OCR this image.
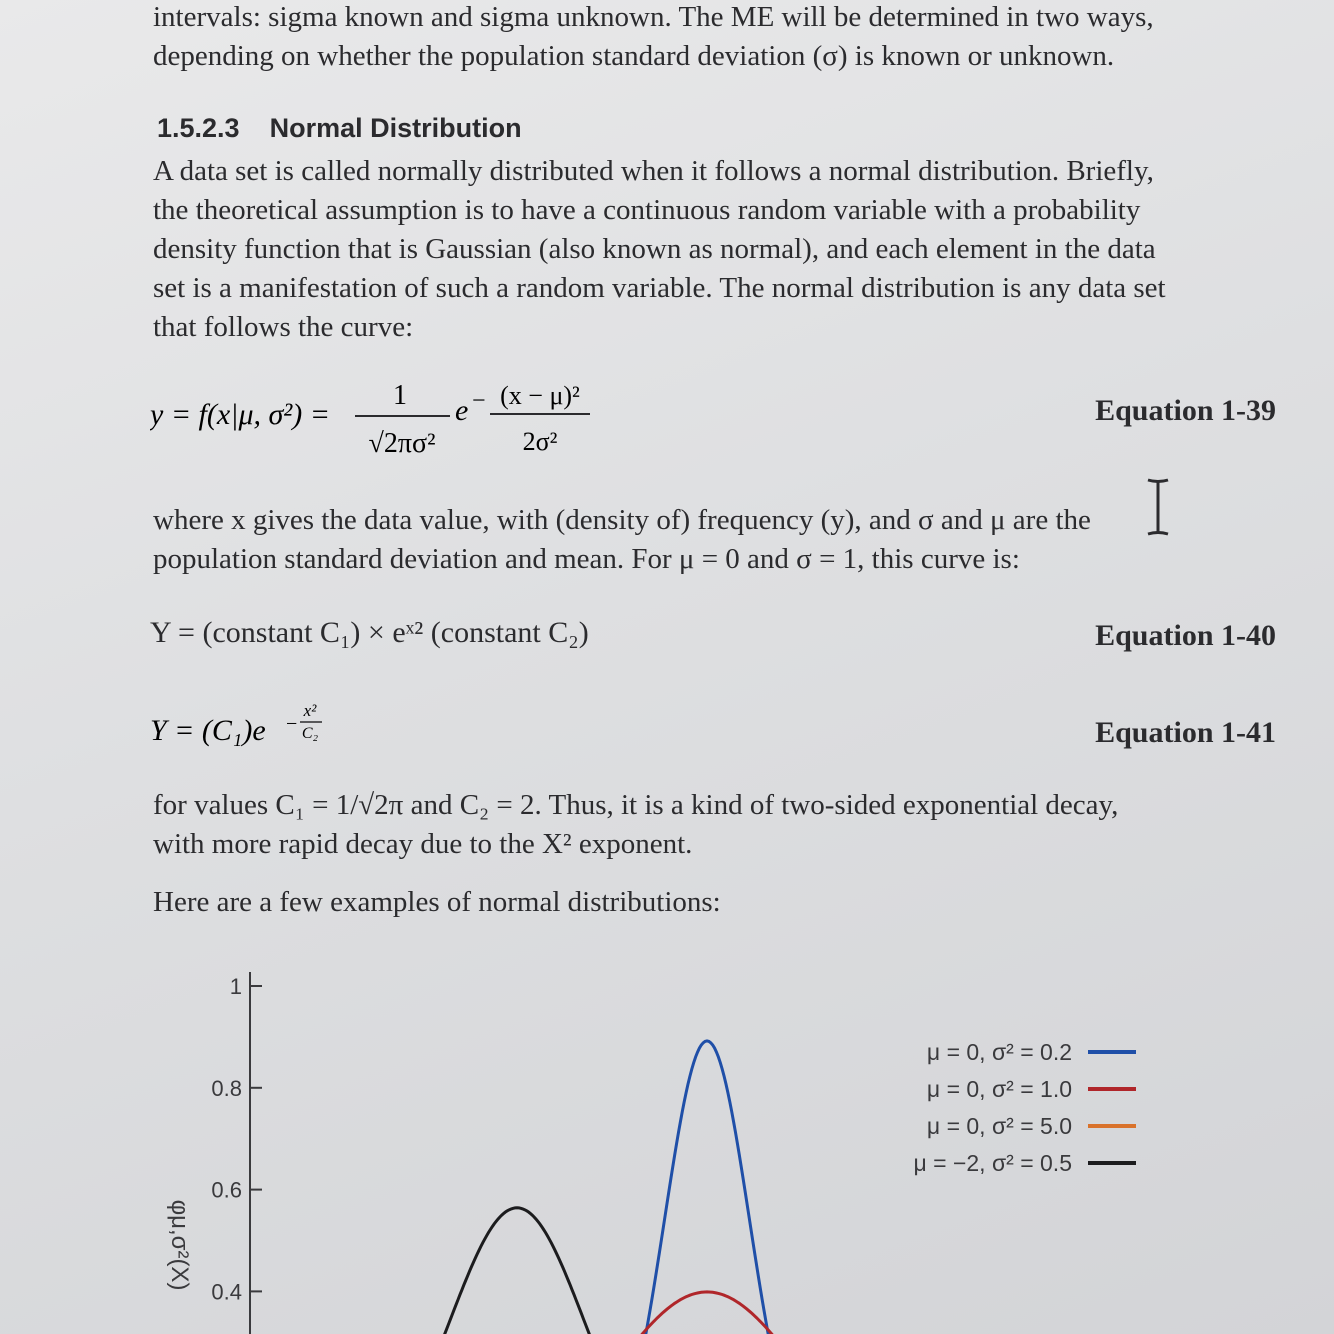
intervals: sigma known and sigma unknown. The ME will be determined in two ways,
depending on whether the population standard deviation (σ) is known or unknown.
1.5.2.3 Normal Distribution
A data set is called normally distributed when it follows a normal distribution. Briefly,
the theoretical assumption is to have a continuous random variable with a probability
density function that is Gaussian (also known as normal), and each element in the data
set is a manifestation of such a random variable. The normal distribution is any data set
that follows the curve:
y = f(x|μ, σ²) =
1
√2πσ²
e − (x − μ)²
2σ²
Equation 1-39
where x gives the data value, with (density of) frequency (y), and σ and μ are the
population standard deviation and mean. For μ = 0 and σ = 1, this curve is:
Y = (constant C₁) × eˣ² (constant C₂)	Equation 1-40
Y = (C₁)e −
x²
C₂	Equation 1-41
for values C₁ = 1/√2π and C₂ = 2. Thus, it is a kind of two-sided exponential decay,
with more rapid decay due to the X² exponent.
Here are a few examples of normal distributions:
1
0.8
0.6
0.4
φμ,σ²(X)
μ = 0, σ² = 0.2
μ = 0, σ² = 1.0
μ = 0, σ² = 5.0
μ = −2, σ² = 0.5
